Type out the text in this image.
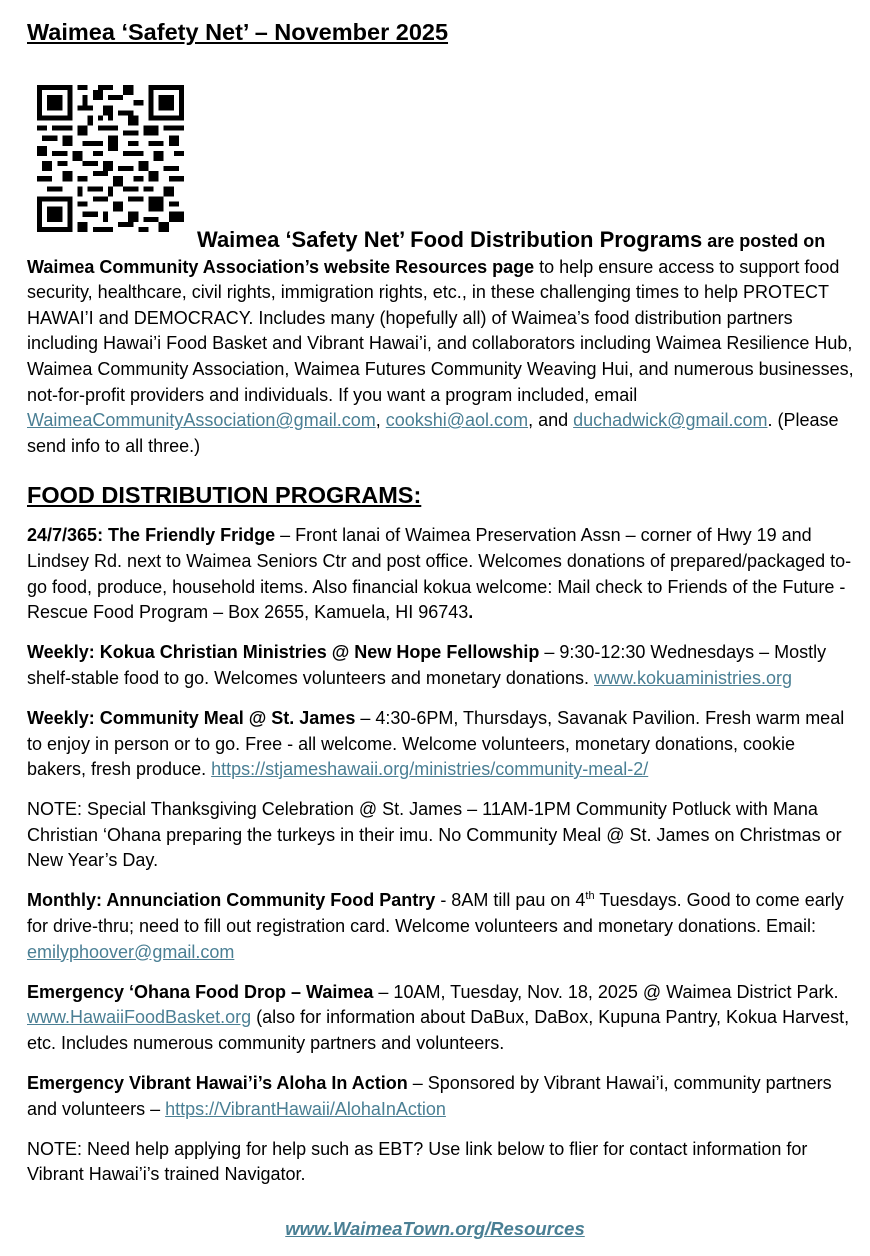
Waimea ‘Safety Net’ – November 2025
Waimea ‘Safety Net’ Food Distribution Programs are posted on Waimea Community Association’s website Resources page to help ensure access to support food security, healthcare, civil rights, immigration rights, etc., in these challenging times to help PROTECT HAWAI’I and DEMOCRACY. Includes many (hopefully all) of Waimea’s food distribution partners including Hawai’i Food Basket and Vibrant Hawai’i, and collaborators including Waimea Resilience Hub, Waimea Community Association, Waimea Futures Community Weaving Hui, and numerous businesses, not-for-profit providers and individuals. If you want a program included, email WaimeaCommunityAssociation@gmail.com, cookshi@aol.com, and duchadwick@gmail.com. (Please send info to all three.)
FOOD DISTRIBUTION PROGRAMS:
24/7/365: The Friendly Fridge – Front lanai of Waimea Preservation Assn – corner of Hwy 19 and Lindsey Rd. next to Waimea Seniors Ctr and post office. Welcomes donations of prepared/packaged to-go food, produce, household items. Also financial kokua welcome: Mail check to Friends of the Future - Rescue Food Program – Box 2655, Kamuela, HI 96743.
Weekly: Kokua Christian Ministries @ New Hope Fellowship – 9:30-12:30 Wednesdays – Mostly shelf-stable food to go. Welcomes volunteers and monetary donations. www.kokuaministries.org
Weekly: Community Meal @ St. James – 4:30-6PM, Thursdays, Savanak Pavilion. Fresh warm meal to enjoy in person or to go. Free - all welcome. Welcome volunteers, monetary donations, cookie bakers, fresh produce. https://stjameshawaii.org/ministries/community-meal-2/
NOTE: Special Thanksgiving Celebration @ St. James – 11AM-1PM Community Potluck with Mana Christian ‘Ohana preparing the turkeys in their imu. No Community Meal @ St. James on Christmas or New Year’s Day.
Monthly: Annunciation Community Food Pantry - 8AM till pau on 4th Tuesdays. Good to come early for drive-thru; need to fill out registration card. Welcome volunteers and monetary donations. Email: emilyphoover@gmail.com
Emergency ‘Ohana Food Drop – Waimea – 10AM, Tuesday, Nov. 18, 2025 @ Waimea District Park. www.HawaiiFoodBasket.org (also for information about DaBux, DaBox, Kupuna Pantry, Kokua Harvest, etc. Includes numerous community partners and volunteers.
Emergency Vibrant Hawai’i’s Aloha In Action – Sponsored by Vibrant Hawai’i, community partners and volunteers – https://VibrantHawaii/AlohaInAction
NOTE: Need help applying for help such as EBT? Use link below to flier for contact information for Vibrant Hawai’i’s trained Navigator.
www.WaimeaTown.org/Resources
